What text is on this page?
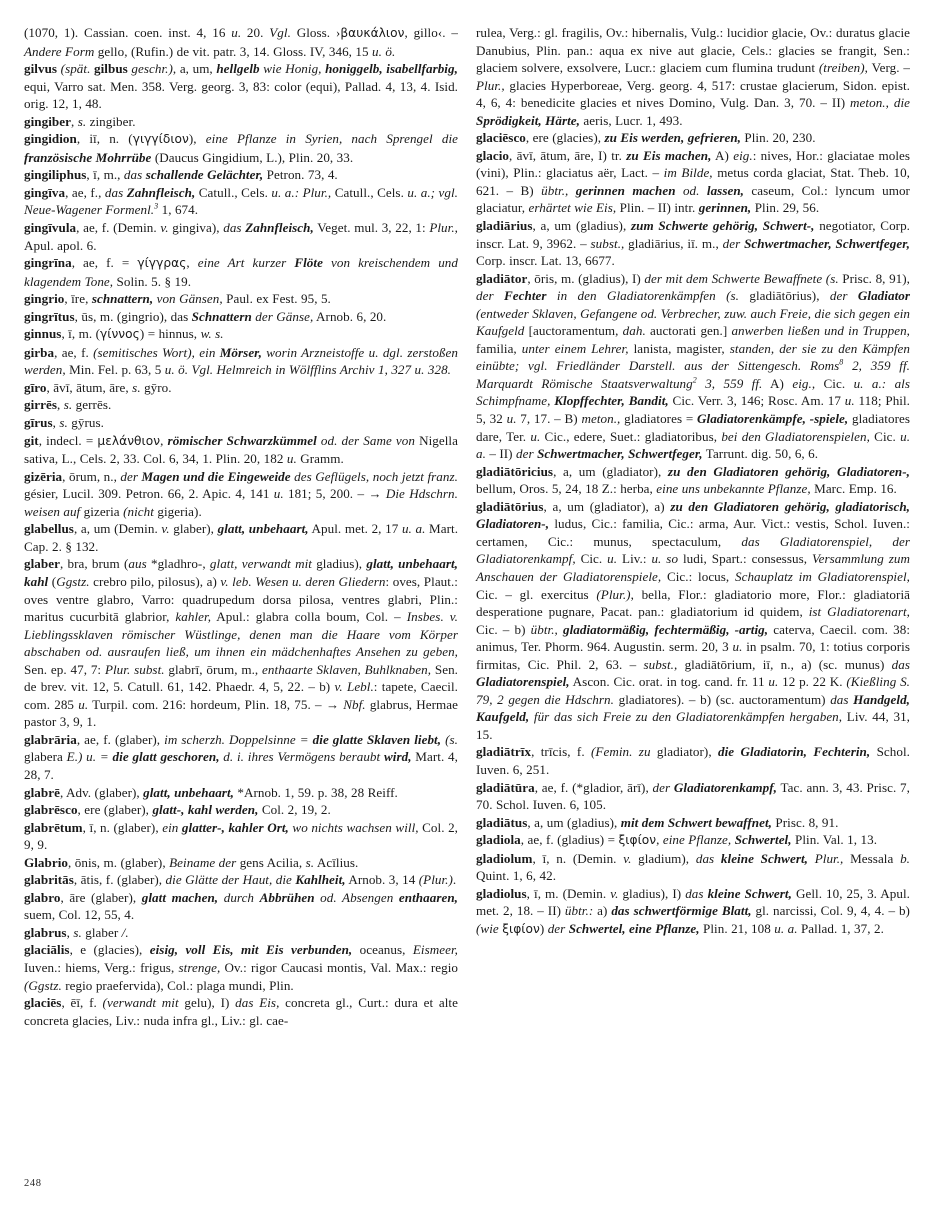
(1070, 1). Cassian. coen. inst. 4, 16 u. 20. Vgl. Gloss. ›βαυκάλιον, gillo‹. – Andere Form gello, (Rufin.) de vit. patr. 3, 14. Gloss. IV, 346, 15 u. ö.

gilvus (spät. gilbus geschr.), a, um, hellgelb wie Honig, honiggelb, isabellfarbig, equi, Varro sat. Men. 358. Verg. georg. 3, 83: color (equi), Pallad. 4, 13, 4. Isid. orig. 12, 1, 48.

gingiber, s. zingiber.

gingidion, iī, n. (γιγγίδιον), eine Pflanze in Syrien, nach Sprengel die französische Mohrrübe (Daucus Gingidium, L.), Plin. 20, 33.

gingiliphus, ī, m., das schallende Gelächter, Petron. 73, 4.

gingīva, ae, f., das Zahnfleisch, Catull., Cels. u. a.: Plur., Catull., Cels. u. a.; vgl. Neue-Wagener Formenl.$^3$ 1, 674.

gingīvula, ae, f. (Demin. v. gingiva), das Zahnfleisch, Veget. mul. 3, 22, 1: Plur., Apul. apol. 6.

gingrīna, ae, f. = γίγγρας, eine Art kurzer Flöte von kreischendem und klagendem Tone, Solin. 5. § 19.

gingrio, īre, schnattern, von Gänsen, Paul. ex Fest. 95, 5.

gingrītus, ūs, m. (gingrio), das Schnattern der Gänse, Arnob. 6, 20.

ginnus, ī, m. (γίννος) = hinnus, w. s.

girba, ae, f. (semitisches Wort), ein Mörser, worin Arzneistoffe u. dgl. zerstoßen werden, Min. Fel. p. 63, 5 u. ö. Vgl. Helmreich in Wölfflins Archiv 1, 327 u. 328.

gīro, āvī, ātum, āre, s. gȳro.

girrēs, s. gerrēs.

gīrus, s. gȳrus.

git, indecl. = μελάνθιον, römischer Schwarzkümmel od. der Same von Nigella sativa, L., Cels. 2, 33. Col. 6, 34, 1. Plin. 20, 182 u. Gramm.

gizēria, ōrum, n., der Magen und die Eingeweide des Geflügels, noch jetzt franz. gésier, Lucil. 309. Petron. 66, 2. Apic. 4, 141 u. 181; 5, 200. – → Die Hdschrn. weisen auf gizeria (nicht gigeria).

glabellus, a, um (Demin. v. glaber), glatt, unbehaart, Apul. met. 2, 17 u. a. Mart. Cap. 2. § 132.

glaber, bra, brum (aus *gladhro-, glatt, verwandt mit gladius), glatt, unbehaart, kahl (Ggstz. crebro pilo, pilosus), a) v. leb. Wesen u. deren Gliedern: oves, Plaut.: oves ventre glabro, Varro: quadrupedum dorsa pilosa, ventres glabri, Plin.: maritus cucurbitā glabrior, kahler, Apul.: glabra colla boum, Col. – Insbes. v. Lieblingssklaven römischer Wüstlinge, denen man die Haare vom Körper abschaben od. ausraufen ließ, um ihnen ein mädchenhaftes Ansehen zu geben, Sen. ep. 47, 7: Plur. subst. glabrī, ōrum, m., enthaarte Sklaven, Buhlknaben, Sen. de brev. vit. 12, 5. Catull. 61, 142. Phaedr. 4, 5, 22. – b) v. Lebl.: tapete, Caecil. com. 285 u. Turpil. com. 216: hordeum, Plin. 18, 75. – → Nbf. glabrus, Hermae pastor 3, 9, 1.

glabrāria, ae, f. (glaber), im scherzh. Doppelsinne = die glatte Sklaven liebt, (s. glabera E.) u. = die glatt geschoren, d. i. ihres Vermögens beraubt wird, Mart. 4, 28, 7.

glabrē, Adv. (glaber), glatt, unbehaart, *Arnob. 1, 59. p. 38, 28 Reiff.

glabrēsco, ere (glaber), glatt-, kahl werden, Col. 2, 19, 2.

glabrētum, ī, n. (glaber), ein glatter-, kahler Ort, wo nichts wachsen will, Col. 2, 9, 9.

Glabrio, ōnis, m. (glaber), Beiname der gens Acilia, s. Acīlius.

glabritās, ātis, f. (glaber), die Glätte der Haut, die Kahlheit, Arnob. 3, 14 (Plur.).

glabro, āre (glaber), glatt machen, durch Abbrühen od. Absengen enthaaren, suem, Col. 12, 55, 4.

glabrus, s. glaber /.

glaciālis, e (glacies), eisig, voll Eis, mit Eis verbunden, oceanus, Eismeer, Iuven.: hiems, Verg.: frigus, strenge, Ov.: rigor Caucasi montis, Val. Max.: regio (Ggstz. regio praefervida), Col.: plaga mundi, Plin.

glaciēs, ēī, f. (verwandt mit gelu), I) das Eis, concreta gl., Curt.: dura et alte concreta glacies, Liv.: nuda infra gl., Liv.: gl. cae-

rulea, Verg.: gl. fragilis, Ov.: hibernalis, Vulg.: lucidior glacie, Ov.: duratus glacie Danubius, Plin. pan.: aqua ex nive aut glacie, Cels.: glacies se frangit, Sen.: glaciem solvere, exsolvere, Lucr.: glaciem cum flumina trudunt (treiben), Verg. – Plur., glacies Hyperboreae, Verg. georg. 4, 517: crustae glacierum, Sidon. epist. 4, 6, 4: benedicite glacies et nives Domino, Vulg. Dan. 3, 70. – II) meton., die Sprödigkeit, Härte, aeris, Lucr. 1, 493.

glaciēsco, ere (glacies), zu Eis werden, gefrieren, Plin. 20, 230.

glacio, āvī, ātum, āre, I) tr. zu Eis machen, A) eig.: nives, Hor.: glaciatae moles (vini), Plin.: glaciatus aër, Lact. – im Bilde, metus corda glaciat, Stat. Theb. 10, 621. – B) übtr., gerinnen machen od. lassen, caseum, Col.: lyncum umor glaciatur, erhärtet wie Eis, Plin. – II) intr. gerinnen, Plin. 29, 56.

gladiārius, a, um (gladius), zum Schwerte gehörig, Schwert-, negotiator, Corp. inscr. Lat. 9, 3962. – subst., gladiārius, iī. m., der Schwertmacher, Schwertfeger, Corp. inscr. Lat. 13, 6677.

gladiātor, ōris, m. (gladius), I) der mit dem Schwerte Bewaffnete (s. Prisc. 8, 91), der Fechter in den Gladiatorenkämpfen (s. gladiātōrius), der Gladiator (entweder Sklaven, Gefangene od. Verbrecher, zuw. auch Freie, die sich gegen ein Kaufgeld [auctoramentum, dah. auctorati gen.] anwerben ließen und in Truppen, familia, unter einem Lehrer, lanista, magister, standen, der sie zu den Kämpfen einübte; vgl. Friedländer Darstell. aus der Sittengesch. Roms$^8$ 2, 359 ff. Marquardt Römische Staatsverwaltung$^2$ 3, 559 ff. A) eig., Cic. u. a.: als Schimpfname, Klopffechter, Bandit, Cic. Verr. 3, 146; Rosc. Am. 17 u. 118; Phil. 5, 32 u. 7, 17. – B) meton., gladiatores = Gladiatorenkämpfe, -spiele, gladiatores dare, Ter. u. Cic., edere, Suet.: gladiatoribus, bei den Gladiatorenspielen, Cic. u. a. – II) der Schwertmacher, Schwertfeger, Tarrunt. dig. 50, 6, 6.

gladiātōricius, a, um (gladiator), zu den Gladiatoren gehörig, Gladiatoren-, bellum, Oros. 5, 24, 18 Z.: herba, eine uns unbekannte Pflanze, Marc. Emp. 16.

gladiātōrius, a, um (gladiator), a) zu den Gladiatoren gehörig, gladiatorisch, Gladiatoren-, ludus, Cic.: familia, Cic.: arma, Aur. Vict.: vestis, Schol. Iuven.: certamen, Cic.: munus, spectaculum, das Gladiatorenspiel, der Gladiatorenkampf, Cic. u. Liv.: u. so ludi, Spart.: consessus, Versammlung zum Anschauen der Gladiatorenspiele, Cic.: locus, Schauplatz im Gladiatorenspiel, Cic. – gl. exercitus (Plur.), bella, Flor.: gladiatorio more, Flor.: gladiatoriā desperatione pugnare, Pacat. pan.: gladiatorium id quidem, ist Gladiatorenart, Cic. – b) übtr., gladiatormäßig, fechtermäßig, -artig, caterva, Caecil. com. 38: animus, Ter. Phorm. 964. Augustin. serm. 20, 3 u. in psalm. 70, 1: totius corporis firmitas, Cic. Phil. 2, 63. – subst., gladiātōrium, iī, n., a) (sc. munus) das Gladiatorenspiel, Ascon. Cic. orat. in tog. cand. fr. 11 u. 12 p. 22 K. (Kießling S. 79, 2 gegen die Hdschrn. gladiatores). – b) (sc. auctoramentum) das Handgeld, Kaufgeld, für das sich Freie zu den Gladiatorenkämpfen hergaben, Liv. 44, 31, 15.

gladiātrīx, trīcis, f. (Femin. zu gladiator), die Gladiatorin, Fechterin, Schol. Iuven. 6, 251.

gladiātūra, ae, f. (*gladior, ārī), der Gladiatorenkampf, Tac. ann. 3, 43. Prisc. 7, 70. Schol. Iuven. 6, 105.

gladiātus, a, um (gladius), mit dem Schwert bewaffnet, Prisc. 8, 91.

gladiola, ae, f. (gladius) = ξιφίον, eine Pflanze, Schwertel, Plin. Val. 1, 13.

gladiolum, ī, n. (Demin. v. gladium), das kleine Schwert, Plur., Messala b. Quint. 1, 6, 42.

gladiolus, ī, m. (Demin. v. gladius), I) das kleine Schwert, Gell. 10, 25, 3. Apul. met. 2, 18. – II) übtr.: a) das schwertförmige Blatt, gl. narcissi, Col. 9, 4, 4. – b) (wie ξιφίον) der Schwertel, eine Pflanze, Plin. 21, 108 u. a. Pallad. 1, 37, 2.

248
